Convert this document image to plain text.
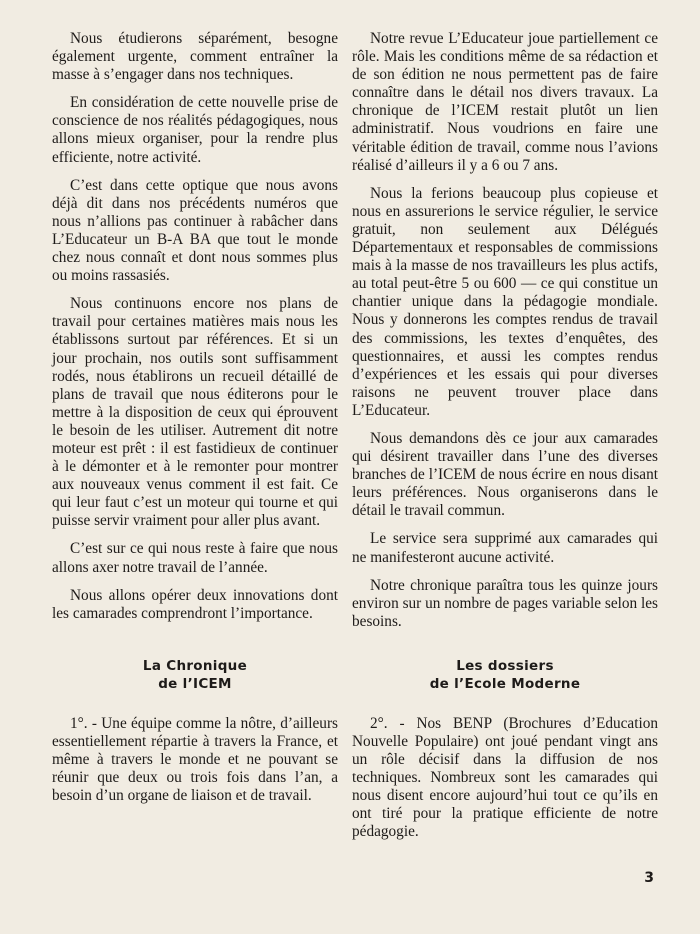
Nous étudierons séparément, besogne également urgente, comment entraîner la masse à s’engager dans nos techniques.

En considération de cette nouvelle prise de conscience de nos réalités pédagogiques, nous allons mieux organiser, pour la rendre plus efficiente, notre activité.

C’est dans cette optique que nous avons déjà dit dans nos précédents numéros que nous n’allions pas continuer à rabâcher dans L’Educateur un B-A BA que tout le monde chez nous connaît et dont nous sommes plus ou moins rassasiés.

Nous continuons encore nos plans de travail pour certaines matières mais nous les établissons surtout par références. Et si un jour prochain, nos outils sont suffisamment rodés, nous établirons un recueil détaillé de plans de travail que nous éditerons pour le mettre à la disposition de ceux qui éprouvent le besoin de les utiliser. Autrement dit notre moteur est prêt : il est fastidieux de continuer à le démonter et à le remonter pour montrer aux nouveaux venus comment il est fait. Ce qui leur faut c’est un moteur qui tourne et qui puisse servir vraiment pour aller plus avant.

C’est sur ce qui nous reste à faire que nous allons axer notre travail de l’année.

Nous allons opérer deux innovations dont les camarades comprendront l’importance.

La Chronique
de l’ICEM

1°. - Une équipe comme la nôtre, d’ailleurs essentiellement répartie à travers la France, et même à travers le monde et ne pouvant se réunir que deux ou trois fois dans l’an, a besoin d’un organe de liaison et de travail.

Notre revue L’Educateur joue partiellement ce rôle. Mais les conditions même de sa rédaction et de son édition ne nous permettent pas de faire connaître dans le détail nos divers travaux. La chronique de l’ICEM restait plutôt un lien administratif. Nous voudrions en faire une véritable édition de travail, comme nous l’avions réalisé d’ailleurs il y a 6 ou 7 ans.

Nous la ferions beaucoup plus copieuse et nous en assurerions le service régulier, le service gratuit, non seulement aux Délégués Départementaux et responsables de commissions mais à la masse de nos travailleurs les plus actifs, au total peut-être 5 ou 600 — ce qui constitue un chantier unique dans la pédagogie mondiale. Nous y donnerons les comptes rendus de travail des commissions, les textes d’enquêtes, des questionnaires, et aussi les comptes rendus d’expériences et les essais qui pour diverses raisons ne peuvent trouver place dans L’Educateur.

Nous demandons dès ce jour aux camarades qui désirent travailler dans l’une des diverses branches de l’ICEM de nous écrire en nous disant leurs préférences. Nous organiserons dans le détail le travail commun.

Le service sera supprimé aux camarades qui ne manifesteront aucune activité.

Notre chronique paraîtra tous les quinze jours environ sur un nombre de pages variable selon les besoins.

Les dossiers
de l’Ecole Moderne

2°. - Nos BENP (Brochures d’Education Nouvelle Populaire) ont joué pendant vingt ans un rôle décisif dans la diffusion de nos techniques. Nombreux sont les camarades qui nous disent encore aujourd’hui tout ce qu’ils en ont tiré pour la pratique efficiente de notre pédagogie.

3
